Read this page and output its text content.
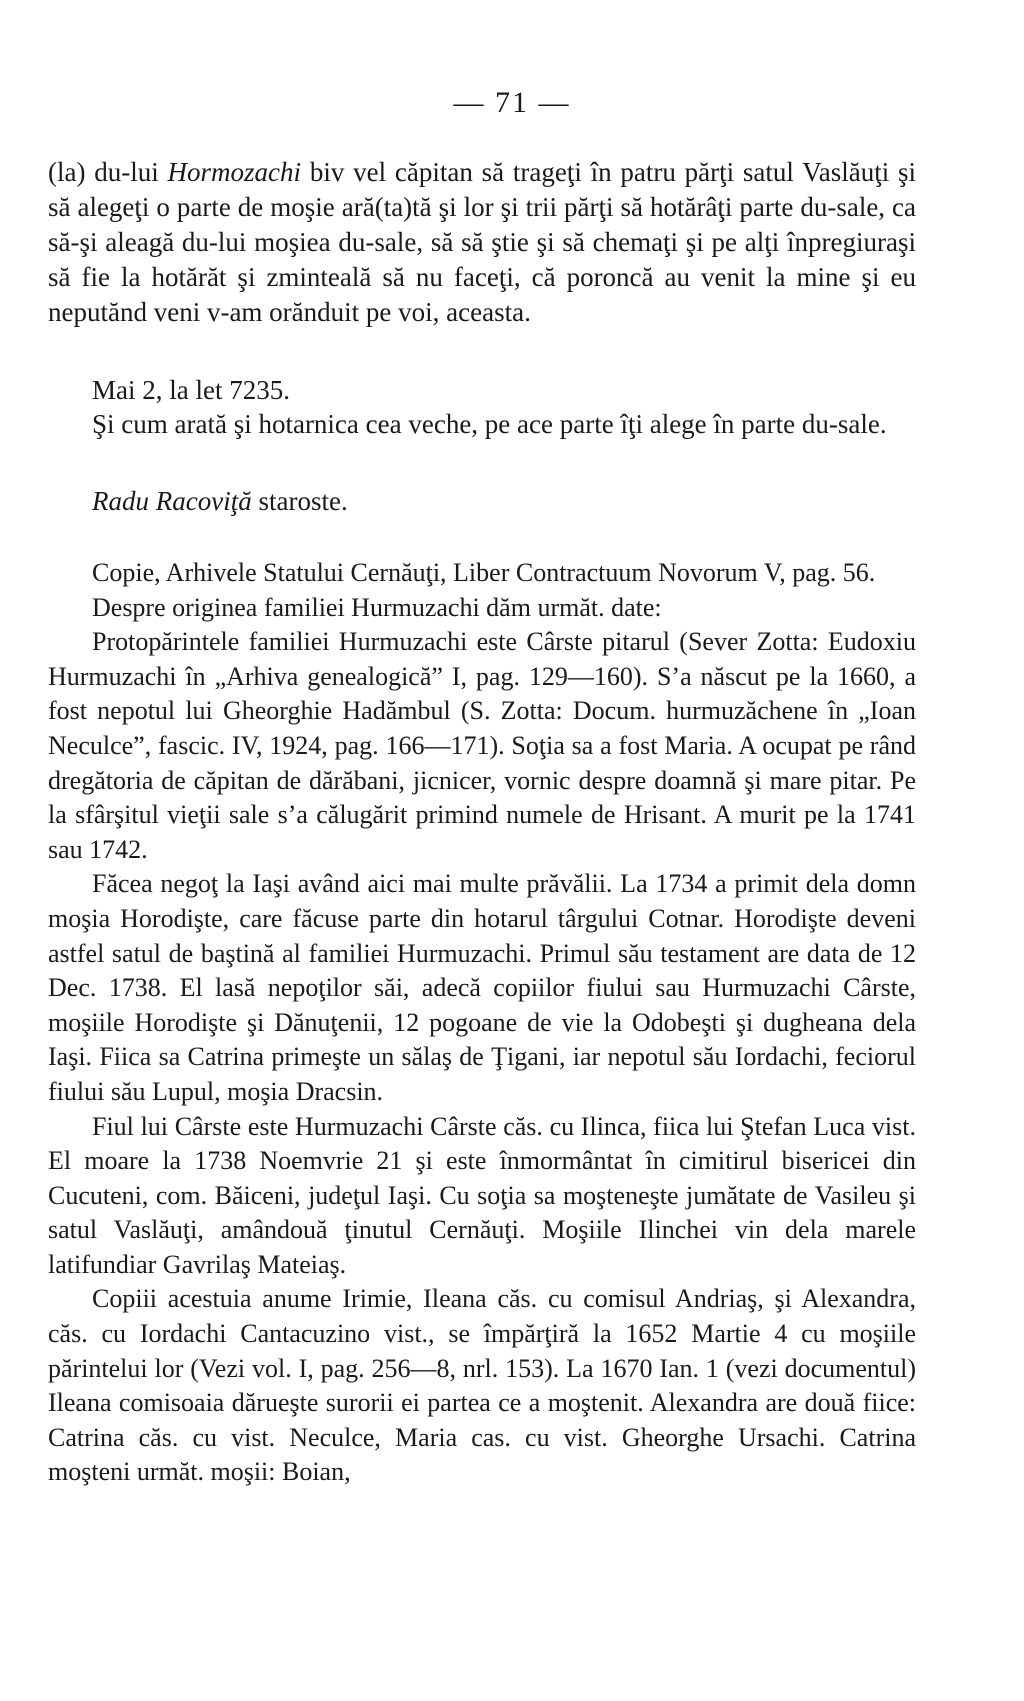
— 71 —

(la) du-lui Hormozachi biv vel căpitan să trageţi în patru părţi satul Vaslăuţi şi să alegeţi o parte de moşie ară(ta)tă şi lor şi trii părţi să hotărâţi parte du-sale, ca să-şi aleagă du-lui moşiea du-sale, să să ştie şi să chemaţi şi pe alţi înpregiuraşi să fie la hotărăt şi zminteală să nu faceţi, că poroncă au venit la mine şi eu neputănd veni v-am orănduit pe voi, aceasta.

Mai 2, la let 7235.

Şi cum arată şi hotarnica cea veche, pe ace parte îţi alege în parte du-sale.

Radu Racoviţă staroste.

Copie, Arhivele Statului Cernăuţi, Liber Contractuum Novorum V, pag. 56.

Despre originea familiei Hurmuzachi dăm următ. date:

Protopărintele familiei Hurmuzachi este Cârste pitarul (Sever Zotta: Eudoxiu Hurmuzachi în „Arhiva genealogică” I, pag. 129—160). S’a născut pe la 1660, a fost nepotul lui Gheorghie Hadămbul (S. Zotta: Docum. hurmuzăchene în „Ioan Neculce”, fascic. IV, 1924, pag. 166—171). Soţia sa a fost Maria. A ocupat pe rând dregătoria de căpitan de dărăbani, jicnicer, vornic despre doamnă şi mare pitar. Pe la sfârşitul vieţii sale s’a călugărit primind numele de Hrisant. A murit pe la 1741 sau 1742.

Făcea negoţ la Iaşi având aici mai multe prăvălii. La 1734 a primit dela domn moşia Horodişte, care făcuse parte din hotarul târgului Cotnar. Horodişte deveni astfel satul de baştină al familiei Hurmuzachi. Primul său testament are data de 12 Dec. 1738. El lasă nepoţilor săi, adecă copiilor fiului sau Hurmuzachi Cârste, moşiile Horodişte şi Dănuţenii, 12 pogoane de vie la Odobeşti şi dugheana dela Iaşi. Fiica sa Catrina primeşte un sălaş de Ţigani, iar nepotul său Iordachi, feciorul fiului său Lupul, moşia Dracsin.

Fiul lui Cârste este Hurmuzachi Cârste căs. cu Ilinca, fiica lui Ştefan Luca vist. El moare la 1738 Noemvrie 21 şi este înmormântat în cimitirul bisericei din Cucuteni, com. Băiceni, judeţul Iaşi. Cu soţia sa moşteneşte jumătate de Vasileu şi satul Vaslăuţi, amândouă ţinutul Cernăuţi. Moşiile Ilinchei vin dela marele latifundiar Gavrilaş Mateiaş.

Copiii acestuia anume Irimie, Ileana căs. cu comisul Andriaş, şi Alexandra, căs. cu Iordachi Cantacuzino vist., se împărţiră la 1652 Martie 4 cu moşiile părintelui lor (Vezi vol. I, pag. 256—8, nrl. 153). La 1670 Ian. 1 (vezi documentul) Ileana comisoaia dărueşte surorii ei partea ce a moştenit. Alexandra are două fiice: Catrina căs. cu vist. Neculce, Maria cas. cu vist. Gheorghe Ursachi. Catrina moşteni următ. moşii: Boian,
